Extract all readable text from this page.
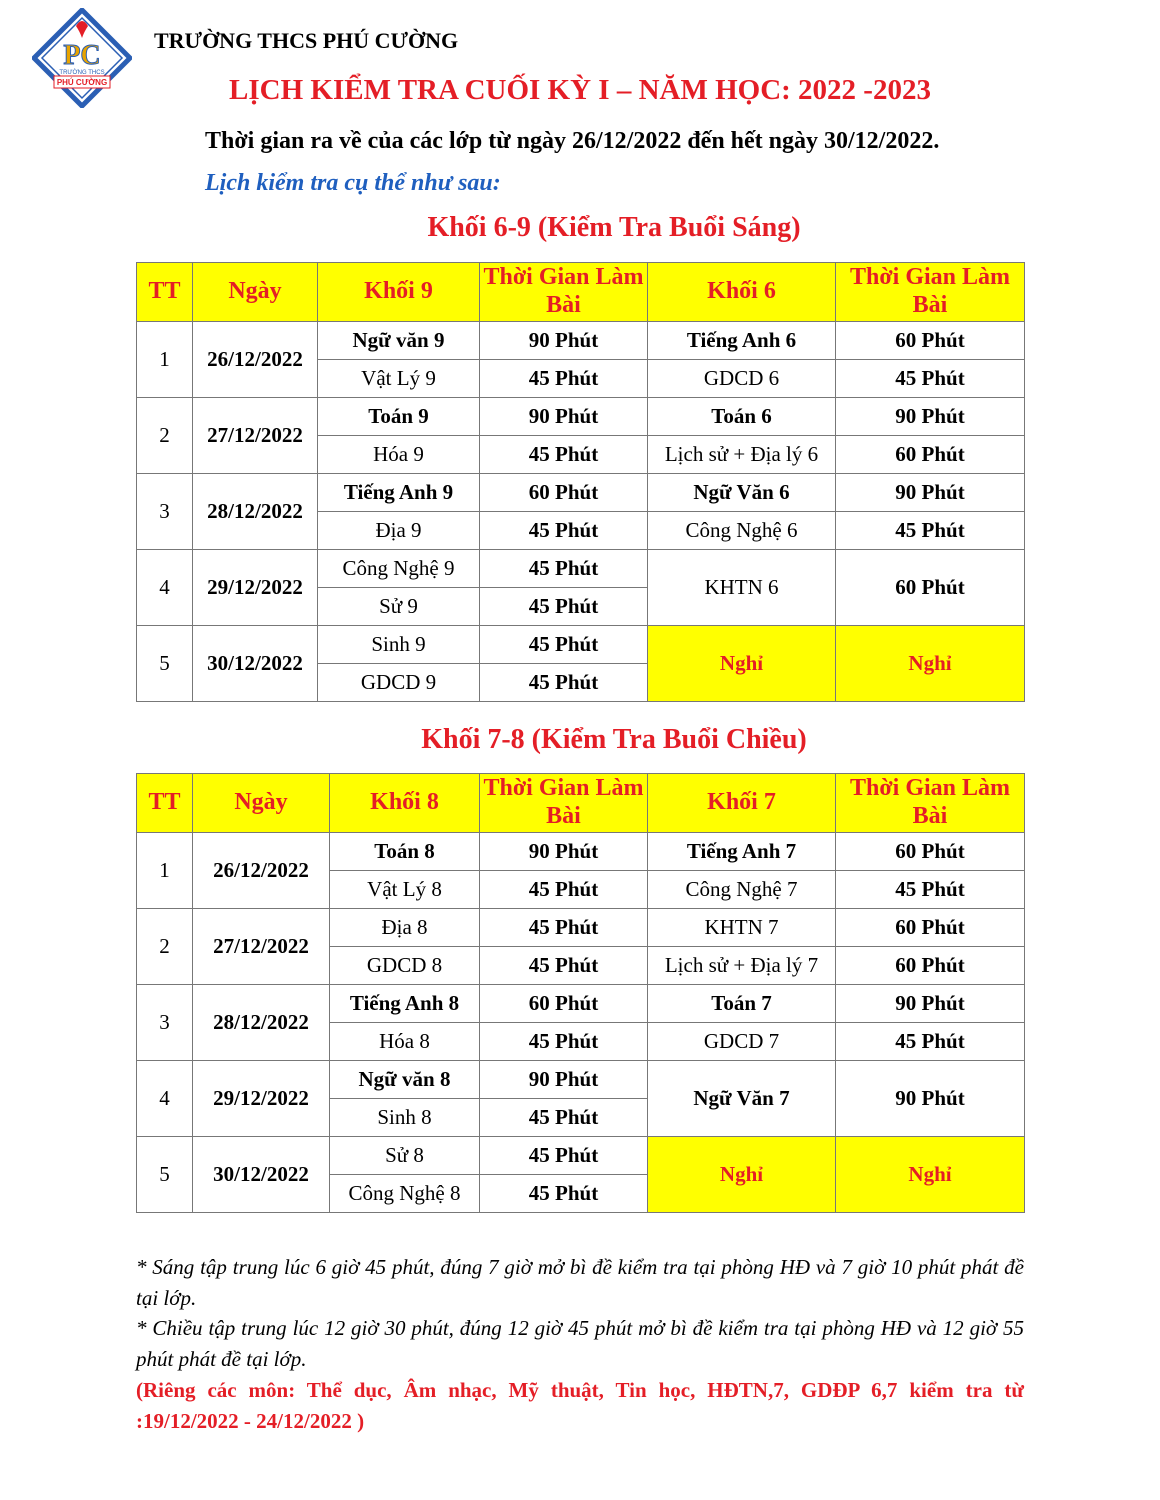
PC
TRƯỜNG THCS
PHÚ CƯỜNG
TRƯỜNG THCS PHÚ CƯỜNG
LỊCH KIỂM TRA CUỐI KỲ I – NĂM HỌC: 2022 -2023
Thời gian ra về của các lớp từ ngày 26/12/2022 đến hết ngày 30/12/2022.
Lịch kiểm tra cụ thể như sau:
Khối 6-9 (Kiểm Tra Buổi Sáng)
TT	Ngày	Khối 9	Thời Gian Làm Bài	Khối 6	Thời Gian Làm Bài
1	26/12/2022	Ngữ văn 9	90 Phút	Tiếng Anh 6	60 Phút
		Vật Lý 9	45 Phút	GDCD 6	45 Phút
2	27/12/2022	Toán 9	90 Phút	Toán 6	90 Phút
		Hóa 9	45 Phút	Lịch sử + Địa lý 6	60 Phút
3	28/12/2022	Tiếng Anh 9	60 Phút	Ngữ Văn 6	90 Phút
		Địa 9	45 Phút	Công Nghệ 6	45 Phút
4	29/12/2022	Công Nghệ 9	45 Phút	KHTN 6	60 Phút
		Sử 9	45 Phút		
5	30/12/2022	Sinh 9	45 Phút	Nghỉ	Nghỉ
		GDCD 9	45 Phút		
Khối 7-8 (Kiểm Tra Buổi Chiều)
TT	Ngày	Khối 8	Thời Gian Làm Bài	Khối 7	Thời Gian Làm Bài
1	26/12/2022	Toán 8	90 Phút	Tiếng Anh 7	60 Phút
		Vật Lý 8	45 Phút	Công Nghệ 7	45 Phút
2	27/12/2022	Địa 8	45 Phút	KHTN 7	60 Phút
		GDCD 8	45 Phút	Lịch sử + Địa lý 7	60 Phút
3	28/12/2022	Tiếng Anh 8	60 Phút	Toán 7	90 Phút
		Hóa 8	45 Phút	GDCD 7	45 Phút
4	29/12/2022	Ngữ văn 8	90 Phút	Ngữ Văn 7	90 Phút
		Sinh 8	45 Phút		
5	30/12/2022	Sử 8	45 Phút	Nghỉ	Nghỉ
		Công Nghệ 8	45 Phút		
* Sáng tập trung lúc 6 giờ 45 phút, đúng 7 giờ mở bì đề kiểm tra tại phòng HĐ và 7 giờ 10 phút phát đề tại lớp.
* Chiều tập trung lúc 12 giờ 30 phút, đúng 12 giờ 45 phút mở bì đề kiểm tra tại phòng HĐ và 12 giờ 55 phút phát đề tại lớp.
(Riêng các môn: Thể dục, Âm nhạc, Mỹ thuật, Tin học, HĐTN,7, GDĐP 6,7 kiểm tra từ :19/12/2022 - 24/12/2022 )
